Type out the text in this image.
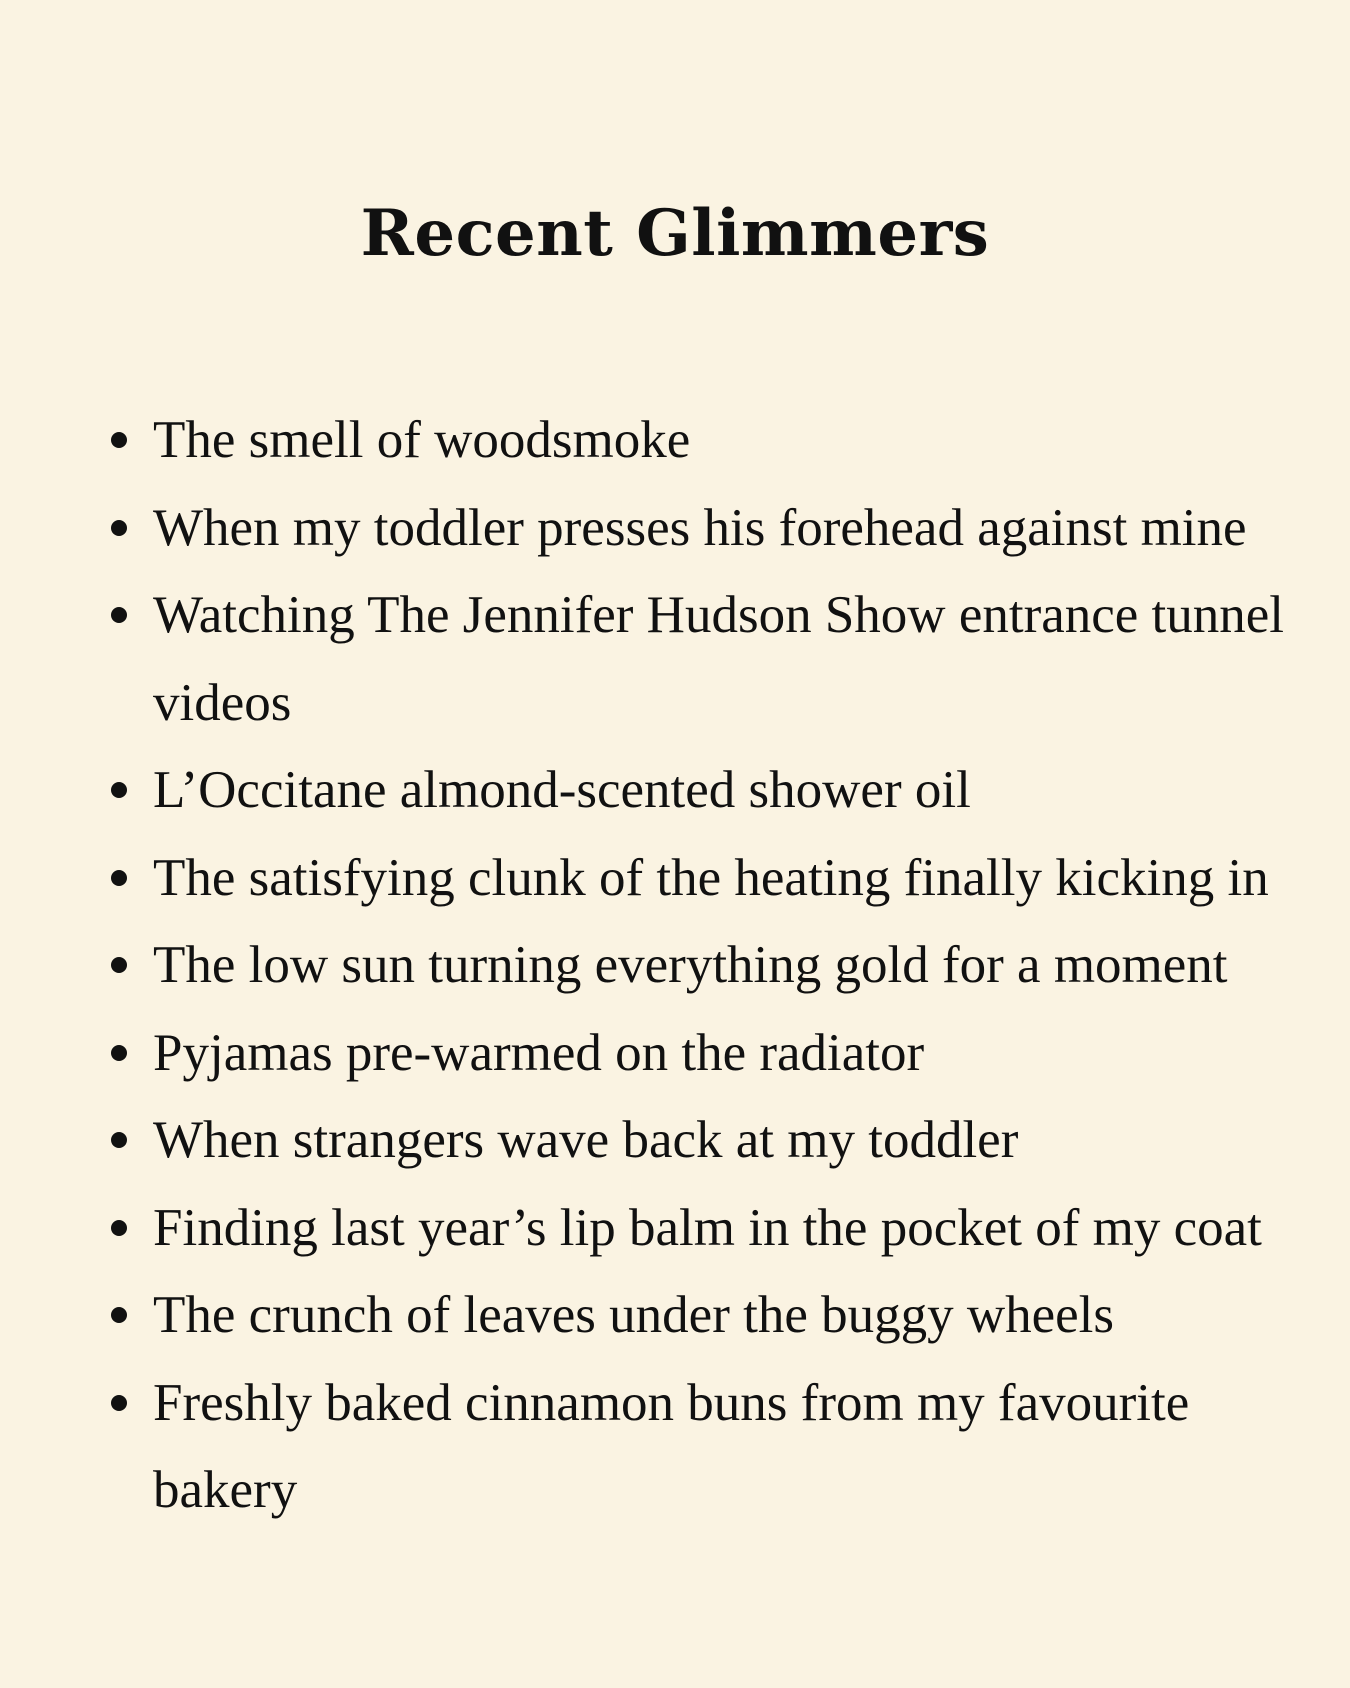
Recent Glimmers
The smell of woodsmoke
When my toddler presses his forehead against mine
Watching The Jennifer Hudson Show entrance tunnel videos
L’Occitane almond-scented shower oil
The satisfying clunk of the heating finally kicking in
The low sun turning everything gold for a moment
Pyjamas pre-warmed on the radiator
When strangers wave back at my toddler
Finding last year’s lip balm in the pocket of my coat
The crunch of leaves under the buggy wheels
Freshly baked cinnamon buns from my favourite bakery
